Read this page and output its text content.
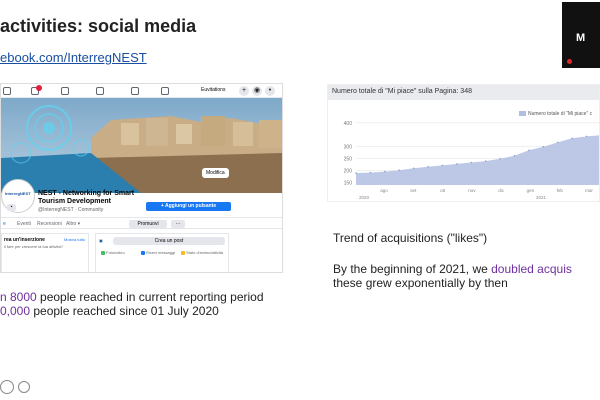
activities: social media
ebook.com/InterregNEST
M
Euvitations	+	◉	•
Modifica
InterregNEST
▪
NEST - Networking for Smart Tourism Development
@InterregNEST · Community
+ Aggiungi un pulsante
e Eventi Recensioni Altro ▾	Promuovi	···
rea un'inserzione	Mostra tutto
li fare per crescere la tua attività?
▣	Crea un post
Foto/video	Ricevi messaggi	Stato d'animo/attività
Numero totale di "Mi piace" sulla Pagina: 348
Numero totale di "Mi piace" c
400
300
250
200
150
ago	set	ott	nov	dic	gen	feb	mar
2020	2021
Trend of acquisitions ("likes")
By the beginning of 2021, we doubled acquis
these grew exponentially by then
n 8000 people reached in current reporting period
0,000 people reached since 01 July 2020
